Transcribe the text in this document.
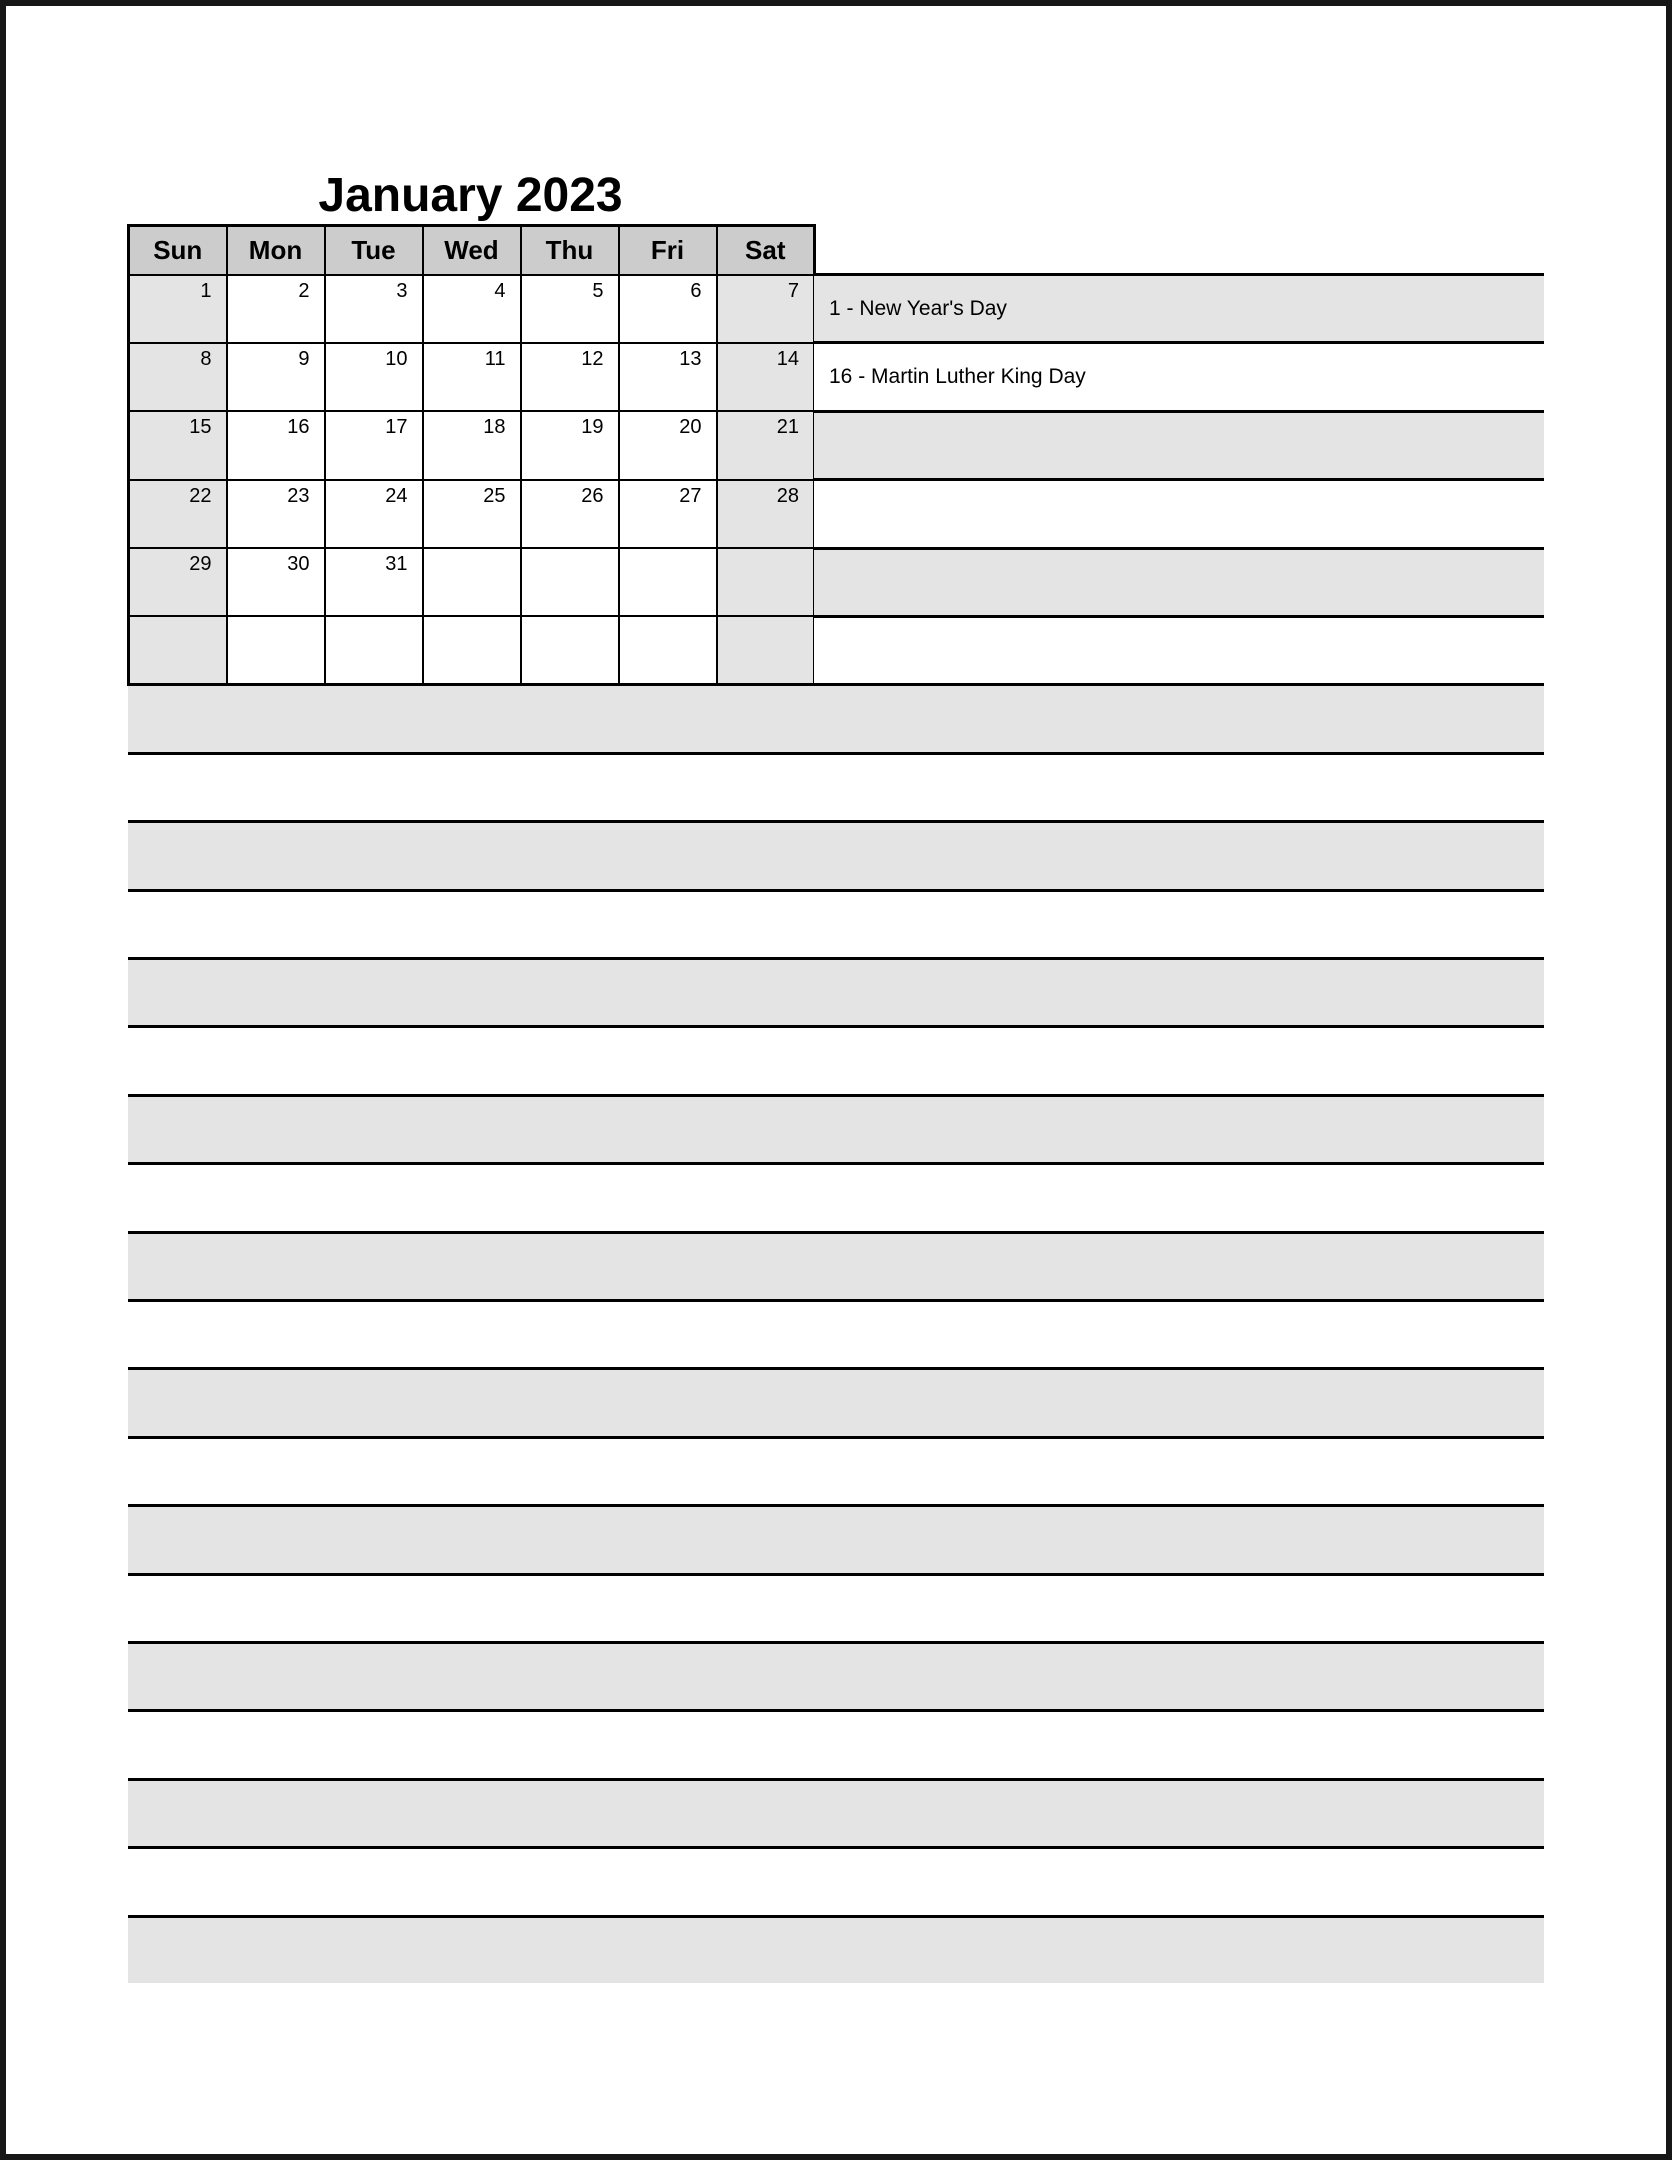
January 2023
Sun	Mon	Tue	Wed	Thu	Fri	Sat
1	2	3	4	5	6	7
8	9	10	11	12	13	14
15	16	17	18	19	20	21
22	23	24	25	26	27	28
29	30	31				

1 - New Year's Day
16 - Martin Luther King Day
